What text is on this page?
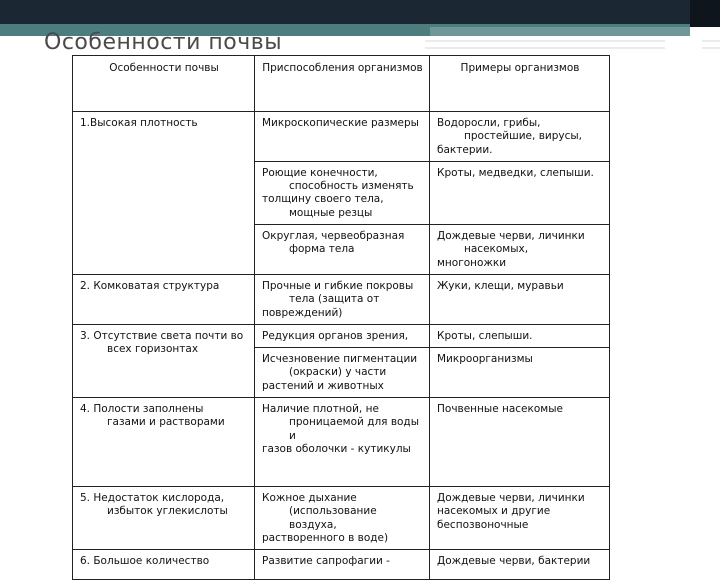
Особенности почвы
Особенности почвы	Приспособления организмов	Примеры организмов
1.Высокая плотность	Микроскопические размеры	Водоросли, грибы,
простейшие, вирусы,
бактерии.

	Роющие конечности,
способность изменять
толщину своего тела,
мощные резцы	Кроты, медведки, слепыши.

	Округлая, червеобразная
форма тела	Дождевые черви, личинки
насекомых,
многоножки

2. Комковатая структура	Прочные и гибкие покровы
тела (защита от
повреждений)	Жуки, клещи, муравьи

3. Отсутствие света почти во
всех горизонтах	Редукция органов зрения,	Кроты, слепыши.

	Исчезновение пигментации
(окраски) у части
растений и животных	Микроорганизмы

4. Полости заполнены
газами и растворами	Наличие плотной, не
проницаемой для воды
и
газов оболочки - кутикулы	Почвенные насекомые

5. Недостаток кислорода,
избыток углекислоты	Кожное дыхание
(использование
воздуха,
растворенного в воде)	Дождевые черви, личинки
насекомых и другие
беспозвоночные

6. Большое количество	Развитие сапрофагии -	Дождевые черви, бактерии
